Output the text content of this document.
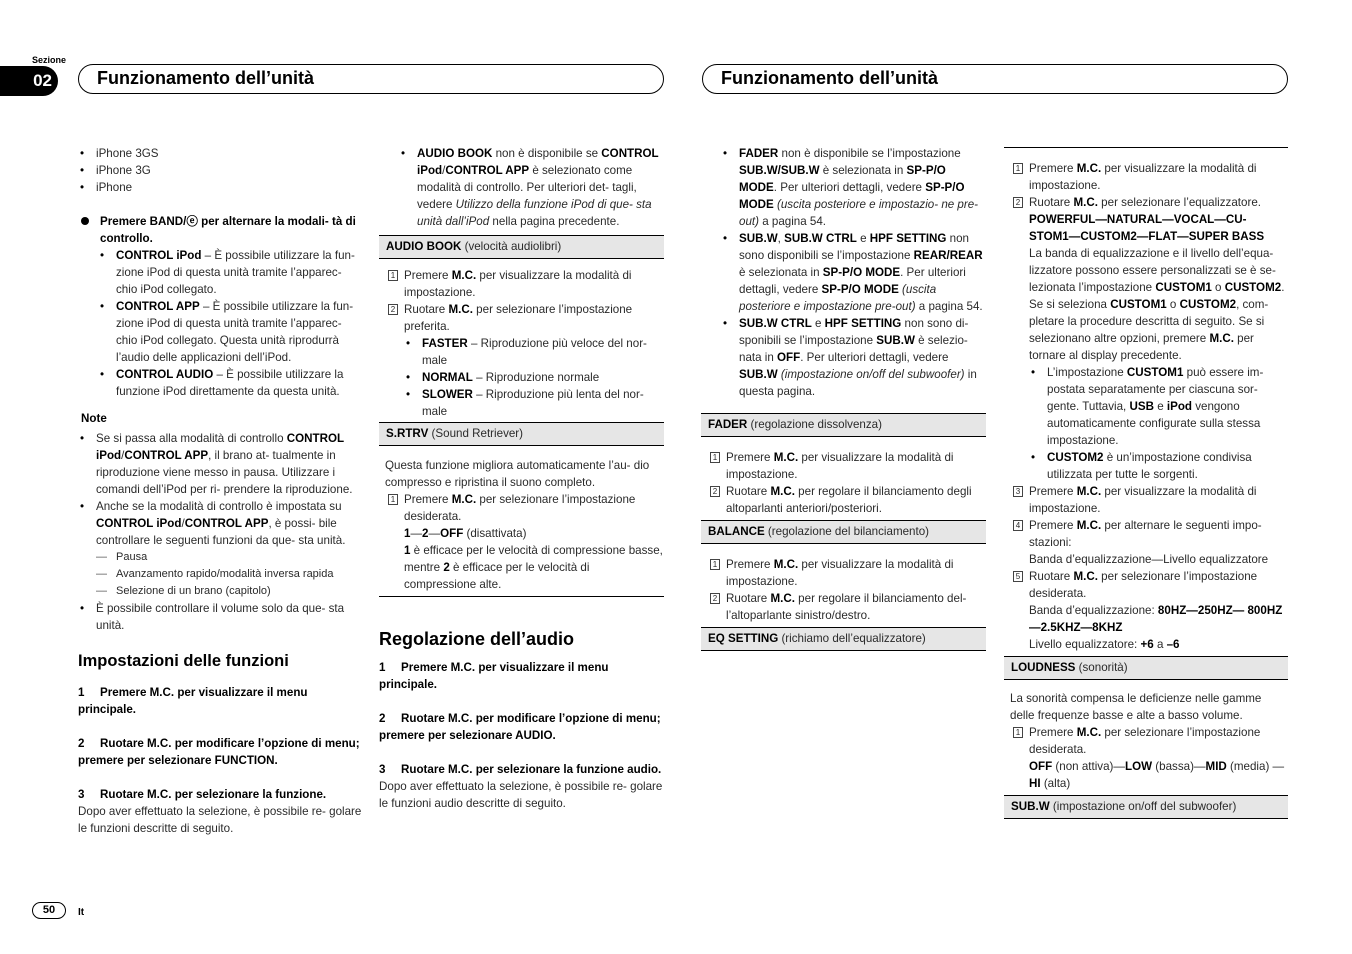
Sezione
02	Funzionamento dell’unità	Funzionamento dell’unità
• iPhone 3GS
• iPhone 3G
• iPhone
Premere BAND/ⓔ per alternare la modali- tà di controllo.
• CONTROL iPod – È possibile utilizzare la fun- zione iPod di questa unità tramite l’apparec- chio iPod collegato.
• CONTROL APP – È possibile utilizzare la fun- zione iPod di questa unità tramite l’apparec- chio iPod collegato. Questa unità riprodurrà l’audio delle applicazioni dell’iPod.
• CONTROL AUDIO – È possibile utilizzare la funzione iPod direttamente da questa unità.
Note
• Se si passa alla modalità di controllo CONTROL iPod/CONTROL APP, il brano at- tualmente in riproduzione viene messo in pausa. Utilizzare i comandi dell’iPod per ri- prendere la riproduzione.
• Anche se la modalità di controllo è impostata su CONTROL iPod/CONTROL APP, è possi- bile controllare le seguenti funzioni da que- sta unità.
— Pausa
— Avanzamento rapido/modalità inversa rapida
— Selezione di un brano (capitolo)
• È possibile controllare il volume solo da que- sta unità.
Impostazioni delle funzioni
1 Premere M.C. per visualizzare il menu principale.
2 Ruotare M.C. per modificare l’opzione di menu; premere per selezionare FUNCTION.
3 Ruotare M.C. per selezionare la funzione.
Dopo aver effettuato la selezione, è possibile re- golare le funzioni descritte di seguito.
• AUDIO BOOK non è disponibile se CONTROL iPod/CONTROL APP è selezionato come modalità di controllo. Per ulteriori det- tagli, vedere Utilizzo della funzione iPod di que- sta unità dall’iPod nella pagina precedente.
AUDIO BOOK (velocità audiolibri)
1 Premere M.C. per visualizzare la modalità di impostazione.
2 Ruotare M.C. per selezionare l’impostazione preferita.
• FASTER – Riproduzione più veloce del nor- male
• NORMAL – Riproduzione normale
• SLOWER – Riproduzione più lenta del nor- male
S.RTRV (Sound Retriever)
Questa funzione migliora automaticamente l’au- dio compresso e ripristina il suono completo.
1 Premere M.C. per selezionare l’impostazione desiderata.
1—2—OFF (disattivata)
1 è efficace per le velocità di compressione basse, mentre 2 è efficace per le velocità di compressione alte.
Regolazione dell’audio
1 Premere M.C. per visualizzare il menu principale.
2 Ruotare M.C. per modificare l’opzione di menu; premere per selezionare AUDIO.
3 Ruotare M.C. per selezionare la funzione audio.
Dopo aver effettuato la selezione, è possibile re- golare le funzioni audio descritte di seguito.
• FADER non è disponibile se l’impostazione SUB.W/SUB.W è selezionata in SP-P/O MODE. Per ulteriori dettagli, vedere SP-P/O MODE (uscita posteriore e impostazio- ne pre-out) a pagina 54.
• SUB.W, SUB.W CTRL e HPF SETTING non sono disponibili se l’impostazione REAR/REAR è selezionata in SP-P/O MODE. Per ulteriori dettagli, vedere SP-P/O MODE (uscita posteriore e impostazione pre-out) a pagina 54.
• SUB.W CTRL e HPF SETTING non sono di- sponibili se l’impostazione SUB.W è selezio- nata in OFF. Per ulteriori dettagli, vedere SUB.W (impostazione on/off del subwoofer) in questa pagina.
FADER (regolazione dissolvenza)
1 Premere M.C. per visualizzare la modalità di impostazione.
2 Ruotare M.C. per regolare il bilanciamento degli altoparlanti anteriori/posteriori.
BALANCE (regolazione del bilanciamento)
1 Premere M.C. per visualizzare la modalità di impostazione.
2 Ruotare M.C. per regolare il bilanciamento del- l’altoparlante sinistro/destro.
EQ SETTING (richiamo dell’equalizzatore)
1 Premere M.C. per visualizzare la modalità di impostazione.
2 Ruotare M.C. per selezionare l’equalizzatore.
POWERFUL—NATURAL—VOCAL—CU- STOM1—CUSTOM2—FLAT—SUPER BASS
La banda di equalizzazione e il livello dell’equa- lizzatore possono essere personalizzati se è se- lezionata l’impostazione CUSTOM1 o CUSTOM2.
Se si seleziona CUSTOM1 o CUSTOM2, com- pletare la procedure descritta di seguito. Se si selezionano altre opzioni, premere M.C. per tornare al display precedente.
• L’impostazione CUSTOM1 può essere im- postata separatamente per ciascuna sor- gente. Tuttavia, USB e iPod vengono automaticamente configurate sulla stessa impostazione.
• CUSTOM2 è un’impostazione condivisa utilizzata per tutte le sorgenti.
3 Premere M.C. per visualizzare la modalità di impostazione.
4 Premere M.C. per alternare le seguenti impo- stazioni:
Banda d’equalizzazione—Livello equalizzatore
5 Ruotare M.C. per selezionare l’impostazione desiderata.
Banda d’equalizzazione: 80HZ—250HZ— 800HZ—2.5KHZ—8KHZ
Livello equalizzatore: +6 a –6
LOUDNESS (sonorità)
La sonorità compensa le deficienze nelle gamme delle frequenze basse e alte a basso volume.
1 Premere M.C. per selezionare l’impostazione desiderata.
OFF (non attiva)—LOW (bassa)—MID (media) —HI (alta)
SUB.W (impostazione on/off del subwoofer)
50	It
